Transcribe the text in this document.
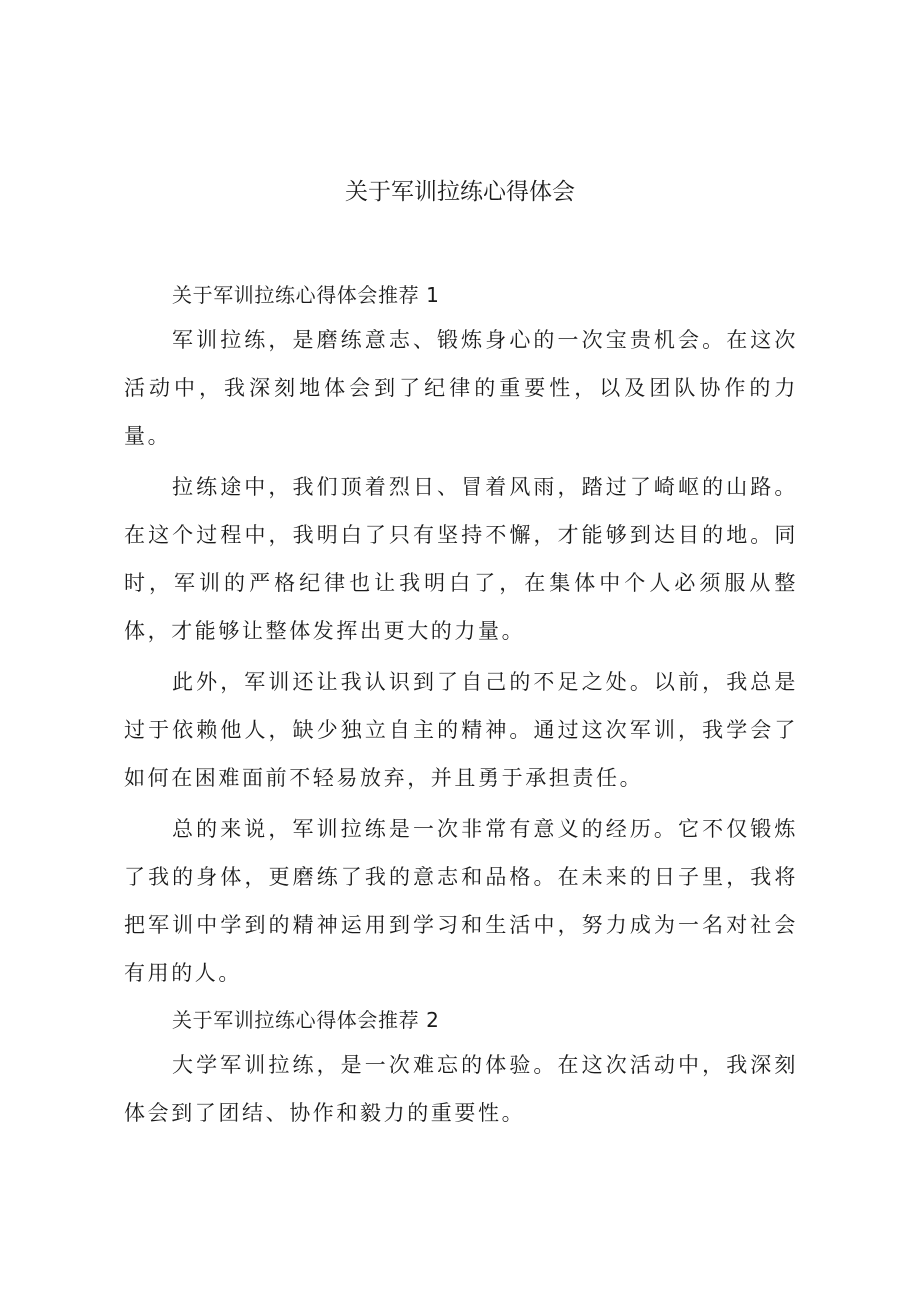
关于军训拉练心得体会

关于军训拉练心得体会推荐 1

军训拉练，是磨练意志、锻炼身心的一次宝贵机会。在这次活动中，我深刻地体会到了纪律的重要性，以及团队协作的力量。

拉练途中，我们顶着烈日、冒着风雨，踏过了崎岖的山路。在这个过程中，我明白了只有坚持不懈，才能够到达目的地。同时，军训的严格纪律也让我明白了，在集体中个人必须服从整体，才能够让整体发挥出更大的力量。

此外，军训还让我认识到了自己的不足之处。以前，我总是过于依赖他人，缺少独立自主的精神。通过这次军训，我学会了如何在困难面前不轻易放弃，并且勇于承担责任。

总的来说，军训拉练是一次非常有意义的经历。它不仅锻炼了我的身体，更磨练了我的意志和品格。在未来的日子里，我将把军训中学到的精神运用到学习和生活中，努力成为一名对社会有用的人。

关于军训拉练心得体会推荐 2

大学军训拉练，是一次难忘的体验。在这次活动中，我深刻体会到了团结、协作和毅力的重要性。
